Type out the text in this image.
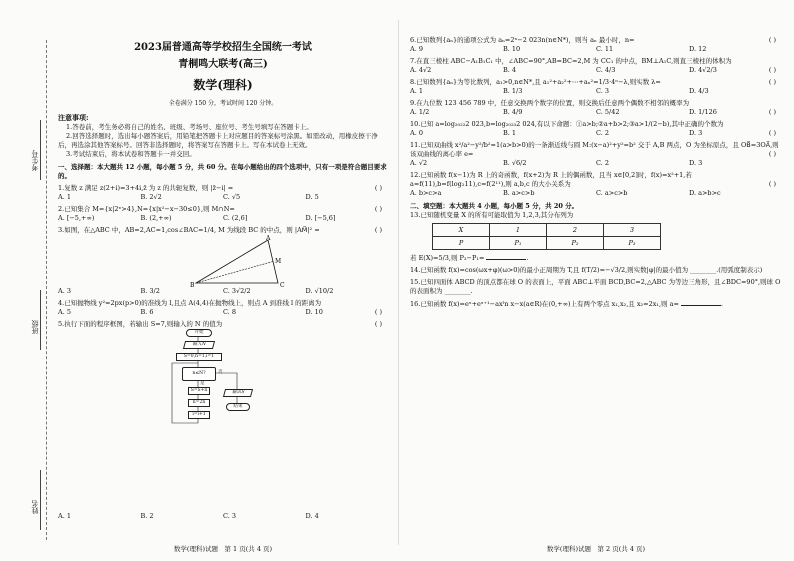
考生号
班级
姓名
2023届普通高等学校招生全国统一考试
青桐鸣大联考(高三)
数学(理科)
全卷满分 150 分，考试时间 120 分钟。
注意事项:
1.答卷前，考生务必将自己的姓名、班级、考场号、座位号、考生号填写在答题卡上。
2.回答选择题时，选出每小题答案后，用铅笔把答题卡上对应题目的答案标号涂黑。如需改动，用橡皮擦干净后，再选涂其他答案标号。回答非选择题时，将答案写在答题卡上。写在本试卷上无效。
3.考试结束后，将本试卷和答题卡一并交回。
一、选择题：本大题共 12 小题，每小题 5 分，共 60 分。在每小题给出的四个选项中，只有一项是符合题目要求的。
1.复数 z 满足 z(2+i)=3+4i,z̄ 为 z 的共轭复数，则 |z̄−i| =	( )
A. 1	B. 2√2	C. √5	D. 5
2.已知集合 M={x|2ˣ>4},N={x|x²−x−30≤0},则 M∩N=	( )
A. [−5,+∞)	B. (2,+∞)	C. (2,6]	D. [−5,6]
3.如图，在△ABC 中，AB=2,AC=1,cos∠BAC=1/4, M 为线段 BC 的中点，则 |AM⃗|² =	( )
B
A
C
M
A. 3	B. 3/2	C. 3√2/2	D. √10/2
4.已知抛物线 y²=2px(p>0)的准线为 l,且点 A(4,4)在抛物线上，则点 A 到准线 l 的距离为
( )
A. 5	B. 6	C. 8	D. 10
5.执行下面的程序框图，若输出 S=7,则输入的 N 的值为	( )
开始
输入N
S=0,n=1,i=1
n≤N?
S=S+n
n=2n
i=i+1
输出S
结束
是
否
A. 1	B. 2	C. 3	D. 4
数学(理科)试题　第 1 页(共 4 页)
6.已知数列{aₙ}的通项公式为 aₙ=2ⁿ−2 023n(n∈N*)，则当 aₙ 最小时，n=	( )
A. 9	B. 10	C. 11	D. 12
7.在直三棱柱 ABC−A₁B₁C₁ 中，∠ABC=90°,AB=BC=2,M 为 CC₁ 的中点，BM⊥A₁C,则直三棱柱的体积为
( )
A. 4√2	B. 4	C. 4/3	D. 4√2/3
8.已知数列{aₙ}为等比数列，a₁>0,n∈N*,且 a₁²+a₂²+⋯+aₙ²=1/3·4ⁿ−λ,则实数 λ=	( )
A. 1	B. 1/3	C. 3	D. 4/3
9.在九位数 123 456 789 中，任意交换两个数字的位置，则交换后任意两个偶数不相邻的概率为
( )
A. 1/2	B. 4/9	C. 5/42	D. 1/126
10.已知 a=log₂₀₂₂2 023,b=log₂₀₂₃2 024,有以下命题：①a>b;②a+b>2;③a>1/(2−b),其中正确的个数为
( )
A. 0	B. 1	C. 2	D. 3
11.已知双曲线 x²/a²−y²/b²=1(a>b>0)的一条渐近线与圆 M:(x−a)²+y²=b² 交于 A,B 两点，O 为坐标原点，且 OB⃗=3OA⃗,则该双曲线的离心率 e=	( )
A. √2	B. √6/2	C. 2	D. 3
12.已知函数 f(x−1)为 R 上的奇函数，f(x+2)为 R 上的偶函数，且当 x∈[0,2]时，f(x)=x²+1,若 a=f(11),b=f(log₂11),c=f(2¹¹),则 a,b,c 的大小关系为	( )
A. b>c>a	B. a>c>b	C. a>c>b	D. a>b>c
二、填空题：本大题共 4 小题，每小题 5 分，共 20 分。
13.已知随机变量 X 的所有可能取值为 1,2,3,其分布列为
X	1	2	3
P	P₁	P₂	P₃
若 E(X)=5/3,则 P₃−P₁=	.
14.已知函数 f(x)=cos(ωx+φ)(ω>0)的最小正周期为 T,且 f(T/2)=−√3/2,则实数|φ|的最小值为 ________.(用弧度制表示)
15.已知四面体 ABCD 的顶点都在球 O 的表面上，平面 ABC⊥平面 BCD,BC=2,△ABC 为等边三角形，且∠BDC=90°,则球 O 的表面积为 ________.
16.已知函数 f(x)=eˣ+eˣ⁺¹−axˡn x−x(a∈R)在(0,+∞)上有两个零点 x₁,x₂,且 x₂=2x₁,则 a=	.
数学(理科)试题　第 2 页(共 4 页)
